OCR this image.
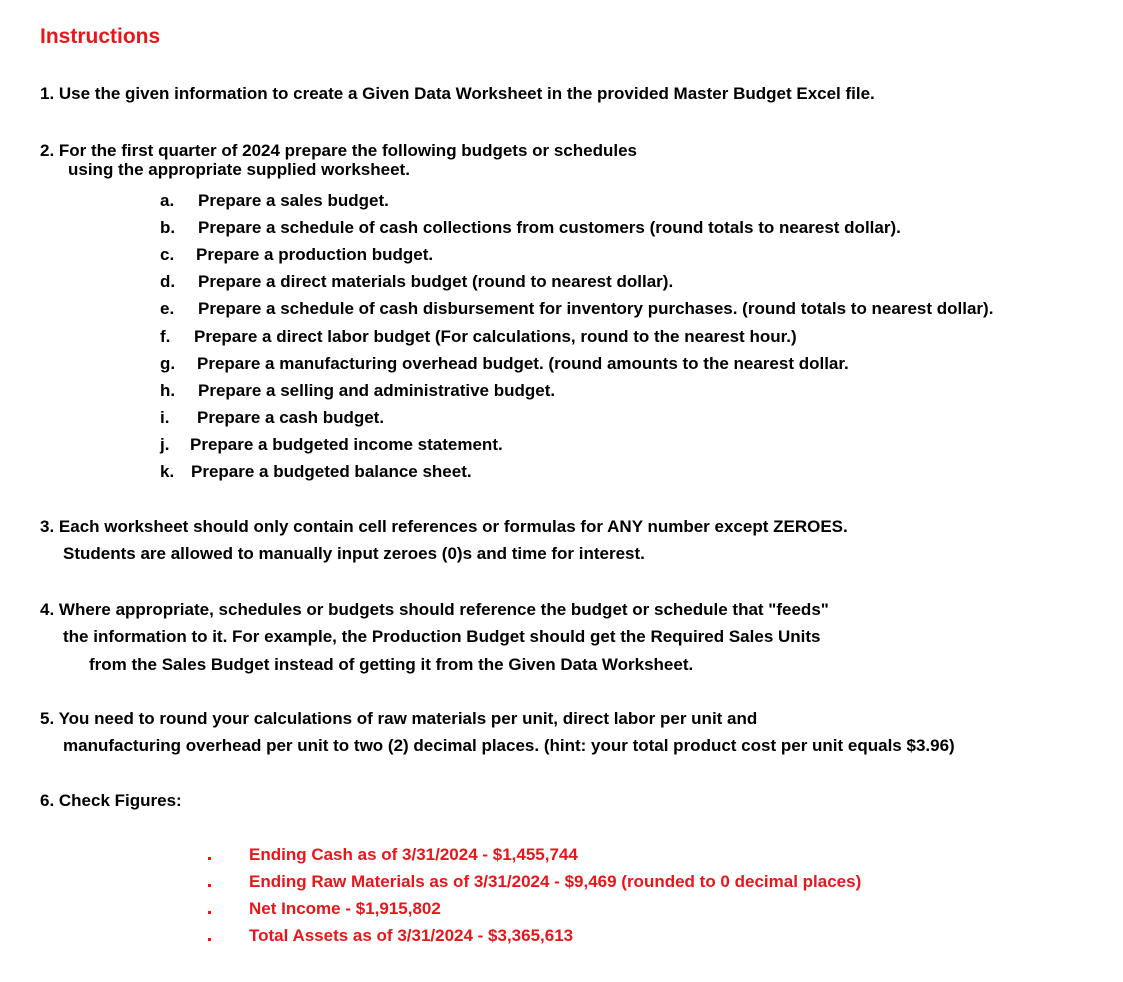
Instructions
1. Use the given information to create a Given Data Worksheet in the provided Master Budget Excel file.
2. For the first quarter of 2024 prepare the following budgets or schedules
using the appropriate supplied worksheet.
a. Prepare a sales budget.
b. Prepare a schedule of cash collections from customers (round totals to nearest dollar).
c. Prepare a production budget.
d. Prepare a direct materials budget (round to nearest dollar).
e. Prepare a schedule of cash disbursement for inventory purchases. (round totals to nearest dollar).
f. Prepare a direct labor budget (For calculations, round to the nearest hour.)
g. Prepare a manufacturing overhead budget. (round amounts to the nearest dollar.
h. Prepare a selling and administrative budget.
i. Prepare a cash budget.
j. Prepare a budgeted income statement.
k. Prepare a budgeted balance sheet.
3. Each worksheet should only contain cell references or formulas for ANY number except ZEROES.
Students are allowed to manually input zeroes (0)s and time for interest.
4. Where appropriate, schedules or budgets should reference the budget or schedule that "feeds"
the information to it. For example, the Production Budget should get the Required Sales Units
from the Sales Budget instead of getting it from the Given Data Worksheet.
5. You need to round your calculations of raw materials per unit, direct labor per unit and
manufacturing overhead per unit to two (2) decimal places. (hint: your total product cost per unit equals $3.96)
6. Check Figures:
Ending Cash as of 3/31/2024 - $1,455,744
Ending Raw Materials as of 3/31/2024 - $9,469 (rounded to 0 decimal places)
Net Income - $1,915,802
Total Assets as of 3/31/2024 - $3,365,613
